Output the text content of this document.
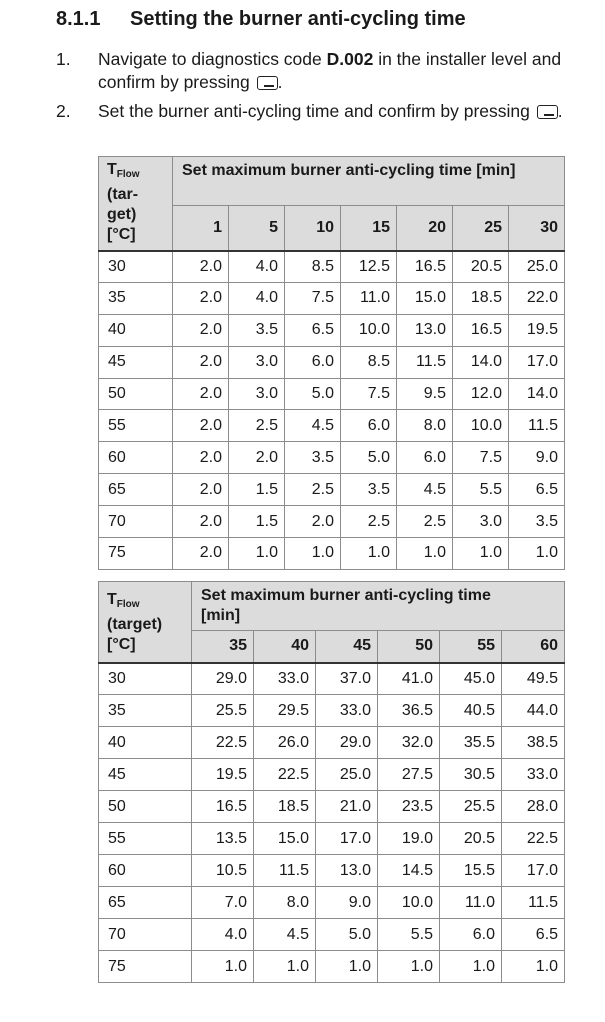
8.1.1 Setting the burner anti-cycling time
1. Navigate to diagnostics code D.002 in the installer level and confirm by pressing .
2. Set the burner anti-cycling time and confirm by pressing .
$T_{Flow}$
(tar-
get)
[°C]	Set maximum burner anti-cycling time [min]						
	1	5	10	15	20	25	30
30	2.0	4.0	8.5	12.5	16.5	20.5	25.0
35	2.0	4.0	7.5	11.0	15.0	18.5	22.0
40	2.0	3.5	6.5	10.0	13.0	16.5	19.5
45	2.0	3.0	6.0	8.5	11.5	14.0	17.0
50	2.0	3.0	5.0	7.5	9.5	12.0	14.0
55	2.0	2.5	4.5	6.0	8.0	10.0	11.5
60	2.0	2.0	3.5	5.0	6.0	7.5	9.0
65	2.0	1.5	2.5	3.5	4.5	5.5	6.5
70	2.0	1.5	2.0	2.5	2.5	3.0	3.5
75	2.0	1.0	1.0	1.0	1.0	1.0	1.0
$T_{Flow}$
(target)
[°C]	Set maximum burner anti-cycling time
[min]					
	35	40	45	50	55	60
30	29.0	33.0	37.0	41.0	45.0	49.5
35	25.5	29.5	33.0	36.5	40.5	44.0
40	22.5	26.0	29.0	32.0	35.5	38.5
45	19.5	22.5	25.0	27.5	30.5	33.0
50	16.5	18.5	21.0	23.5	25.5	28.0
55	13.5	15.0	17.0	19.0	20.5	22.5
60	10.5	11.5	13.0	14.5	15.5	17.0
65	7.0	8.0	9.0	10.0	11.0	11.5
70	4.0	4.5	5.0	5.5	6.0	6.5
75	1.0	1.0	1.0	1.0	1.0	1.0
